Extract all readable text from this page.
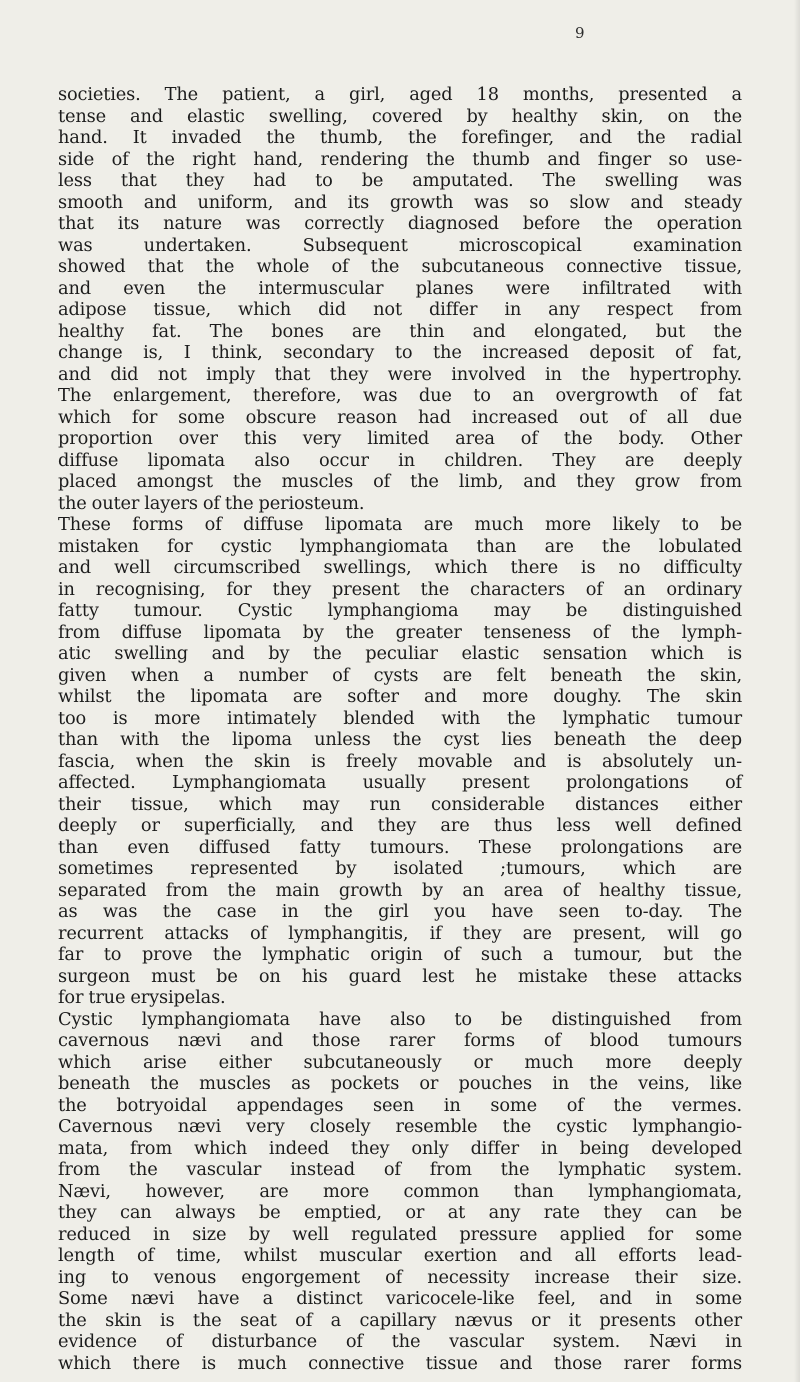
9
societies. The patient, a girl, aged 18 months, presented a
tense and elastic swelling, covered by healthy skin, on the
hand. It invaded the thumb, the forefinger, and the radial
side of the right hand, rendering the thumb and finger so use-
less that they had to be amputated. The swelling was
smooth and uniform, and its growth was so slow and steady
that its nature was correctly diagnosed before the operation
was undertaken. Subsequent microscopical examination
showed that the whole of the subcutaneous connective tissue,
and even the intermuscular planes were infiltrated with
adipose tissue, which did not differ in any respect from
healthy fat. The bones are thin and elongated, but the
change is, I think, secondary to the increased deposit of fat,
and did not imply that they were involved in the hypertrophy.
The enlargement, therefore, was due to an overgrowth of fat
which for some obscure reason had increased out of all due
proportion over this very limited area of the body. Other
diffuse lipomata also occur in children. They are deeply
placed amongst the muscles of the limb, and they grow from
the outer layers of the periosteum.
These forms of diffuse lipomata are much more likely to be
mistaken for cystic lymphangiomata than are the lobulated
and well circumscribed swellings, which there is no difficulty
in recognising, for they present the characters of an ordinary
fatty tumour. Cystic lymphangioma may be distinguished
from diffuse lipomata by the greater tenseness of the lymph-
atic swelling and by the peculiar elastic sensation which is
given when a number of cysts are felt beneath the skin,
whilst the lipomata are softer and more doughy. The skin
too is more intimately blended with the lymphatic tumour
than with the lipoma unless the cyst lies beneath the deep
fascia, when the skin is freely movable and is absolutely un-
affected. Lymphangiomata usually present prolongations of
their tissue, which may run considerable distances either
deeply or superficially, and they are thus less well defined
than even diffused fatty tumours. These prolongations are
sometimes represented by isolated ;tumours, which are
separated from the main growth by an area of healthy tissue,
as was the case in the girl you have seen to-day. The
recurrent attacks of lymphangitis, if they are present, will go
far to prove the lymphatic origin of such a tumour, but the
surgeon must be on his guard lest he mistake these attacks
for true erysipelas.
Cystic lymphangiomata have also to be distinguished from
cavernous nævi and those rarer forms of blood tumours
which arise either subcutaneously or much more deeply
beneath the muscles as pockets or pouches in the veins, like
the botryoidal appendages seen in some of the vermes.
Cavernous nævi very closely resemble the cystic lymphangio-
mata, from which indeed they only differ in being developed
from the vascular instead of from the lymphatic system.
Nævi, however, are more common than lymphangiomata,
they can always be emptied, or at any rate they can be
reduced in size by well regulated pressure applied for some
length of time, whilst muscular exertion and all efforts lead-
ing to venous engorgement of necessity increase their size.
Some nævi have a distinct varicocele-like feel, and in some
the skin is the seat of a capillary nævus or it presents other
evidence of disturbance of the vascular system. Nævi in
which there is much connective tissue and those rarer forms
